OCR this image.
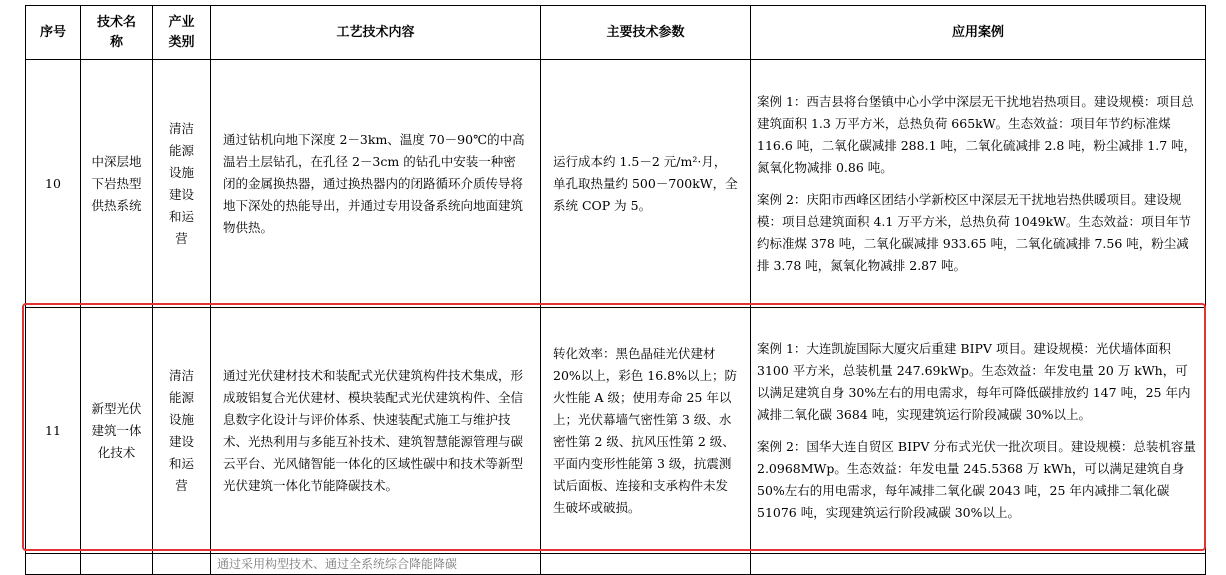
序号	技术名称	产业类别	工艺技术内容	主要技术参数	应用案例
10	中深层地下岩热型供热系统	清洁能源设施建设和运营	通过钻机向地下深度 2－3km、温度 70－90℃的中高温岩土层钻孔，在孔径 2－3cm 的钻孔中安装一种密闭的金属换热器，通过换热器内的闭路循环介质传导将地下深处的热能导出，并通过专用设备系统向地面建筑物供热。	运行成本约 1.5－2 元/m²·月，单孔取热量约 500－700kW，全系统 COP 为 5。	案例 1：西吉县将台堡镇中心小学中深层无干扰地岩热项目。建设规模：项目总建筑面积 1.3 万平方米，总热负荷 665kW。生态效益：项目年节约标准煤 116.6 吨，二氧化碳减排 288.1 吨，二氧化硫减排 2.8 吨，粉尘减排 1.7 吨，氮氧化物减排 0.86 吨。

案例 2：庆阳市西峰区团结小学新校区中深层无干扰地岩热供暖项目。建设规模：项目总建筑面积 4.1 万平方米，总热负荷 1049kW。生态效益：项目年节约标准煤 378 吨，二氧化碳减排 933.65 吨，二氧化硫减排 7.56 吨，粉尘减排 3.78 吨，氮氧化物减排 2.87 吨。

11	新型光伏建筑一体化技术	清洁能源设施建设和运营	通过光伏建材技术和装配式光伏建筑构件技术集成，形成玻铝复合光伏建材、模块装配式光伏建筑构件、全信息数字化设计与评价体系、快速装配式施工与维护技术、光热利用与多能互补技术、建筑智慧能源管理与碳云平台、光风储智能一体化的区域性碳中和技术等新型光伏建筑一体化节能降碳技术。	转化效率：黑色晶硅光伏建材 20%以上，彩色 16.8%以上；防火性能 A 级；使用寿命 25 年以上；光伏幕墙气密性第 3 级、水密性第 2 级、抗风压性第 2 级、平面内变形性能第 3 级，抗震测试后面板、连接和支承构件未发生破坏或破损。	案例 1：大连凯旋国际大厦灾后重建 BIPV 项目。建设规模：光伏墙体面积 3100 平方米，总装机量 247.69kWp。生态效益：年发电量 20 万 kWh，可以满足建筑自身 30%左右的用电需求，每年可降低碳排放约 147 吨，25 年内减排二氧化碳 3684 吨，实现建筑运行阶段减碳 30%以上。

案例 2：国华大连自贸区 BIPV 分布式光伏一批次项目。建设规模：总装机容量 2.0968MWp。生态效益：年发电量 245.5368 万 kWh，可以满足建筑自身 50%左右的用电需求，每年减排二氧化碳 2043 吨，25 年内减排二氧化碳 51076 吨，实现建筑运行阶段减碳 30%以上。

			通过采用构型技术、通过全系统综合降能降碳		
